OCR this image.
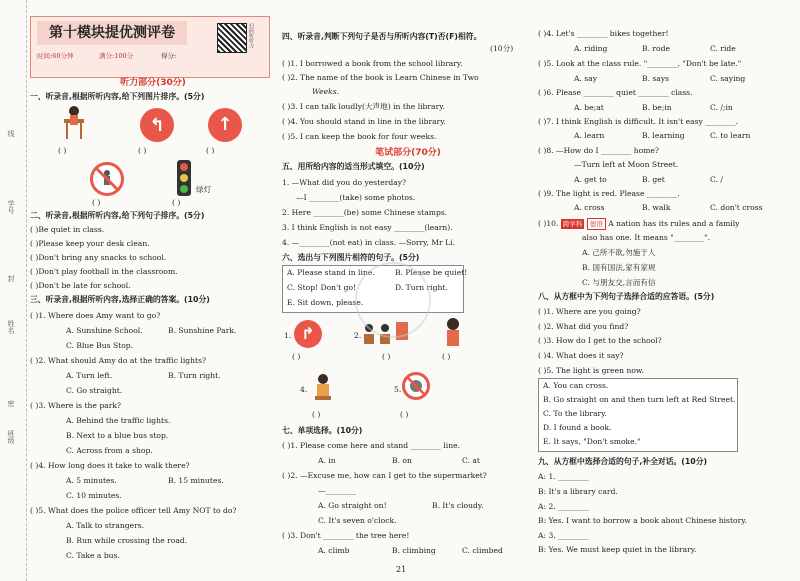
线
学号
封
姓名
密
班级
第十模块提优测评卷
时间:60分钟	满分:100分	得分:
扫码听听力
听力部分(30分)
一、听录音,根据所听内容,给下列图片排序。(5分)
( )
↰
( )
↑
( )
( )
绿灯
( )
二、听录音,根据所听内容,给下列句子排序。(5分)
( )Be quiet in class.
( )Please keep your desk clean.
( )Don't bring any snacks to school.
( )Don't play football in the classroom.
( )Don't be late for school.
三、听录音,根据所听内容,选择正确的答案。(10分)
( )1. Where does Amy want to go?
A. Sunshine School.	B. Sunshine Park.
C. Blue Bus Stop.
( )2. What should Amy do at the traffic lights?
A. Turn left.	B. Turn right.
C. Go straight.
( )3. Where is the park?
A. Behind the traffic lights.
B. Next to a blue bus stop.
C. Across from a shop.
( )4. How long does it take to walk there?
A. 5 minutes.	B. 15 minutes.
C. 10 minutes.
( )5. What does the police officer tell Amy NOT to do?
A. Talk to strangers.
B. Run while crossing the road.
C. Take a bus.
四、听录音,判断下列句子是否与所听内容(T)否(F)相符。
(10分)
( )1. I borrowed a book from the school library.
( )2. The name of the book is Learn Chinese in Two
Weeks.
( )3. I can talk loudly(大声地) in the library.
( )4. You should stand in line in the library.
( )5. I can keep the book for four weeks.
笔试部分(70分)
五、用所给内容的适当形式填空。(10分)
1. —What did you do yesterday?
—I ________(take) some photos.
2. Here ________(be) some Chinese stamps.
3. I think English is not easy ________(learn).
4. —________(not eat) in class. —Sorry, Mr Li.
六、选出与下列图片相符的句子。(5分)
A. Please stand in line.	B. Please be quiet!
C. Stop! Don't go!	D. Turn right.
E. Sit down, please.
1. ↱
( )
2.
( )	( )
4.
( )
5.
( )
七、单项选择。(10分)
( )1. Please come here and stand ________ line.
A. in	B. on	C. at
( )2. —Excuse me, how can I get to the supermarket?
—________
A. Go straight on!	B. It's cloudy.
C. It's seven o'clock.
( )3. Don't ________ the tree here!
A. climb	B. climbing	C. climbed
( )4. Let's ________ bikes together!
A. riding	B. rode	C. ride
( )5. Look at the class rule. "________, "Don't be late."
A. say	B. says	C. saying
( )6. Please ________ quiet ________ class.
A. be;at	B. be;in	C. /;in
( )7. I think English is difficult. It isn't easy ________.
A. learn	B. learning	C. to learn
( )8. —How do I ________ home?
—Turn left at Moon Street.
A. get to	B. get	C. /
( )9. The light is red. Please ________.
A. cross	B. walk	C. don't cross
( )10. 跨学科 德语 A nation has its rules and a family
also has one. It means "________".
A. 己所不欲,勿施于人
B. 国有国法,家有家规
C. 与朋友交,言而有信
八、从方框中为下列句子选择合适的应答语。(5分)
( )1. Where are you going?
( )2. What did you find?
( )3. How do I get to the school?
( )4. What does it say?
( )5. The light is green now.
A. You can cross.
B. Go straight on and then turn left at Red Street.
C. To the library.
D. I found a book.
E. It says, "Don't smoke."
九、从方框中选择合适的句子,补全对话。(10分)
A: 1. ________
B: It's a library card.
A: 2. ________
B: Yes. I want to borrow a book about Chinese history.
A: 3. ________
B: Yes. We must keep quiet in the library.
21
